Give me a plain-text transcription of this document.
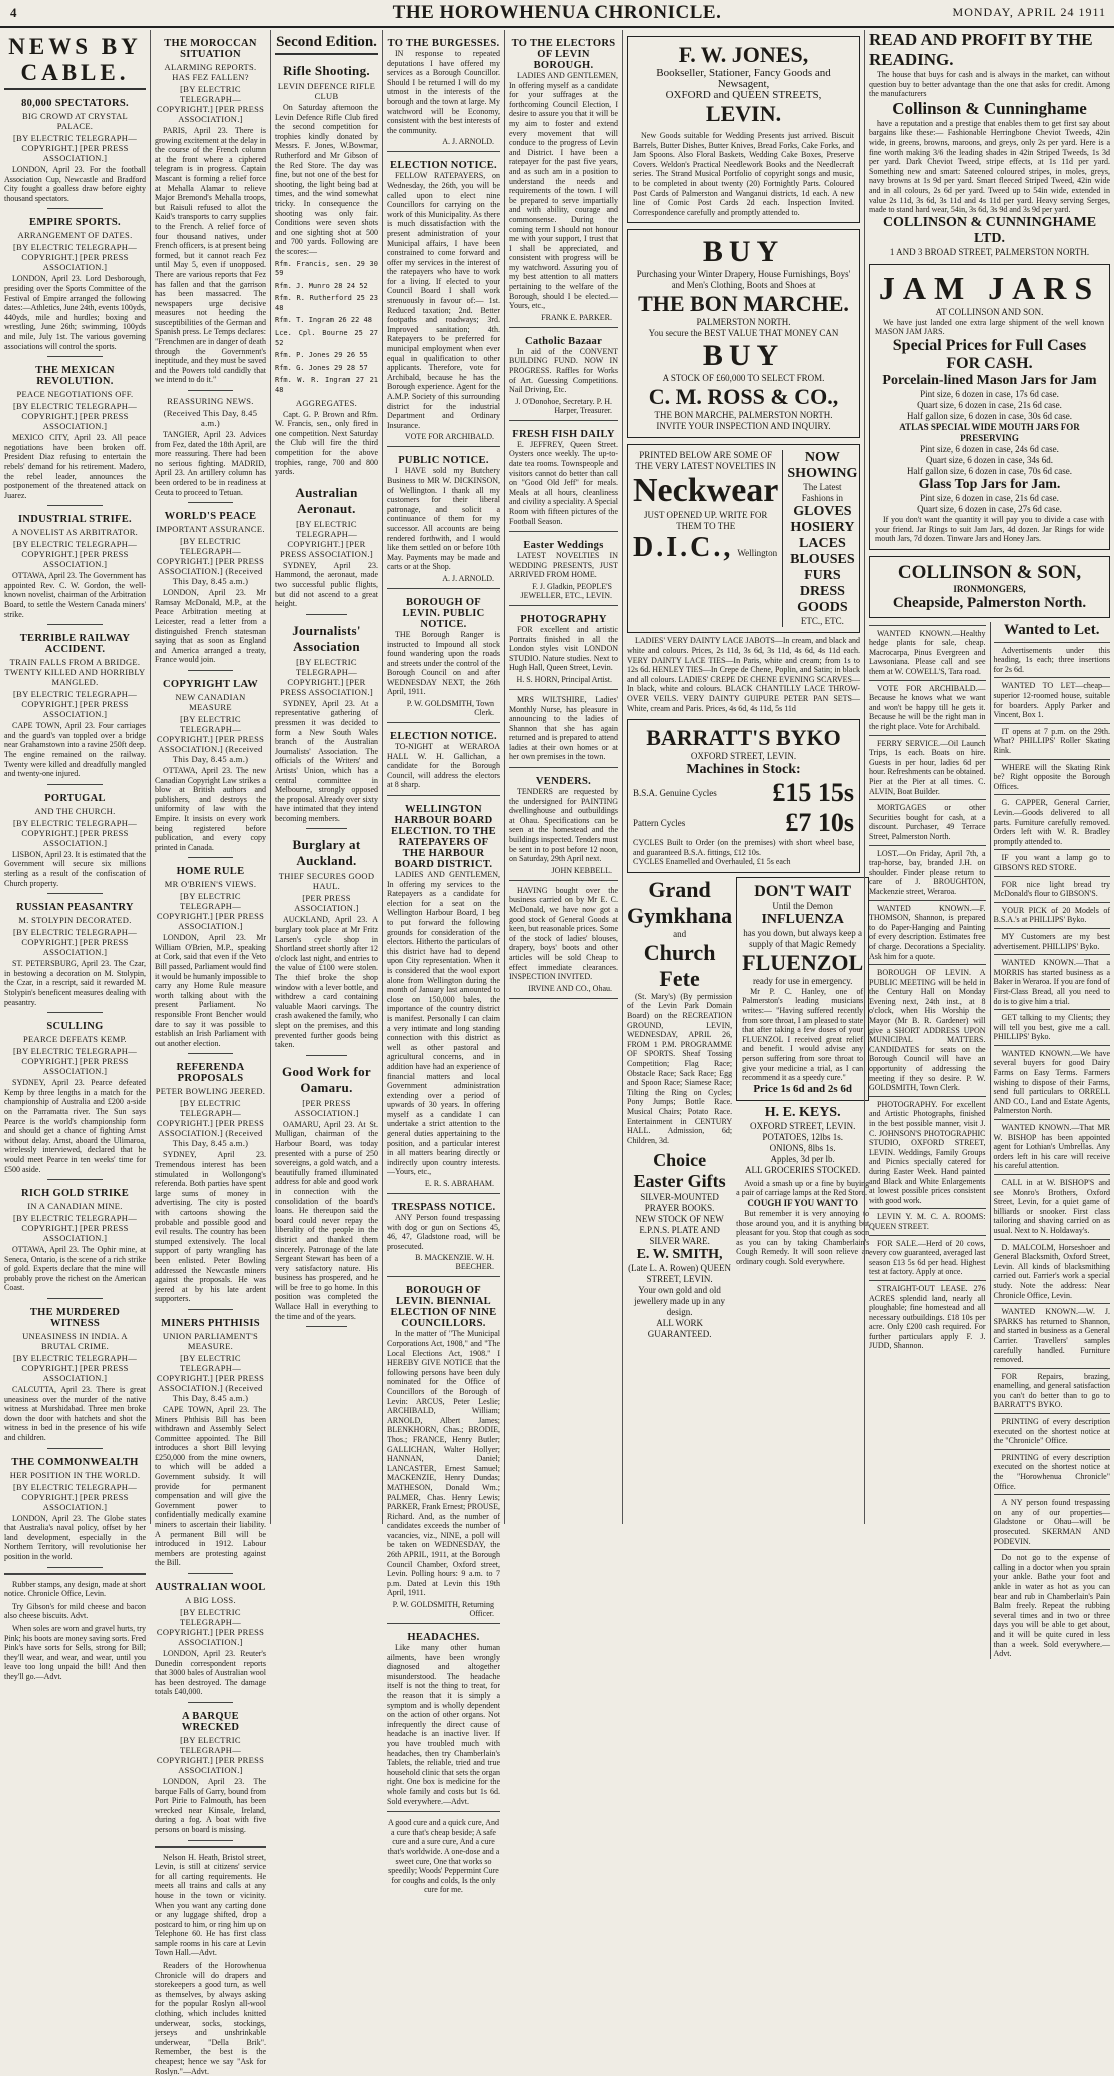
4	THE HOROWHENUA CHRONICLE.	MONDAY, APRIL 24 1911
NEWS BY CABLE.
80,000 SPECTATORS.
BIG CROWD AT CRYSTAL PALACE.
[BY ELECTRIC TELEGRAPH—COPYRIGHT.] [PER PRESS ASSOCIATION.]

LONDON, April 23. For the football Association Cup, Newcastle and Bradford City fought a goalless draw before eighty thousand spectators.

EMPIRE SPORTS.
ARRANGEMENT OF DATES.
[BY ELECTRIC TELEGRAPH—COPYRIGHT.] [PER PRESS ASSOCIATION.]

LONDON, April 23. Lord Desborough, presiding over the Sports Committee of the Festival of Empire arranged the following dates:—Athletics, June 24th, events 100yds, 440yds, mile and hurdles; boxing and wrestling, June 26th; swimming, 100yds and mile, July 1st. The various governing associations will control the sports.

THE MEXICAN REVOLUTION.
PEACE NEGOTIATIONS OFF.
[BY ELECTRIC TELEGRAPH—COPYRIGHT.] [PER PRESS ASSOCIATION.]

MEXICO CITY, April 23. All peace negotiations have been broken off. President Diaz refusing to entertain the rebels' demand for his retirement. Madero, the rebel leader, announces the postponement of the threatened attack on Juarez.

INDUSTRIAL STRIFE.
A NOVELIST AS ARBITRATOR.
[BY ELECTRIC TELEGRAPH—COPYRIGHT.] [PER PRESS ASSOCIATION.]

OTTAWA, April 23. The Government has appointed Rev. C. W. Gordon, the well-known novelist, chairman of the Arbitration Board, to settle the Western Canada miners' strike.

TERRIBLE RAILWAY ACCIDENT.
TRAIN FALLS FROM A BRIDGE. TWENTY KILLED AND HORRIBLY MANGLED.
[BY ELECTRIC TELEGRAPH—COPYRIGHT.] [PER PRESS ASSOCIATION.]

CAPE TOWN, April 23. Four carriages and the guard's van toppled over a bridge near Grahamstown into a ravine 250ft deep. The engine remained on the railway. Twenty were killed and dreadfully mangled and twenty-one injured.

PORTUGAL
AND THE CHURCH.
[BY ELECTRIC TELEGRAPH—COPYRIGHT.] [PER PRESS ASSOCIATION.]

LISBON, April 23. It is estimated that the Government will secure six millions sterling as a result of the confiscation of Church property.

RUSSIAN PEASANTRY
M. STOLYPIN DECORATED.
[BY ELECTRIC TELEGRAPH—COPYRIGHT.] [PER PRESS ASSOCIATION.]

ST. PETERSBURG, April 23. The Czar, in bestowing a decoration on M. Stolypin, the Czar, in a rescript, said it rewarded M. Stolypin's beneficent measures dealing with peasantry.

SCULLING
PEARCE DEFEATS KEMP.
[BY ELECTRIC TELEGRAPH—COPYRIGHT.] [PER PRESS ASSOCIATION.]

SYDNEY, April 23. Pearce defeated Kemp by three lengths in a match for the championship of Australia and £200 a-side on the Parramatta river. The Sun says Pearce is the world's championship form and should get a chance of fighting Arnst without delay. Arnst, aboard the Ulimaroa, wirelessly interviewed, declared that he would meet Pearce in ten weeks' time for £500 aside.

RICH GOLD STRIKE
IN A CANADIAN MINE.
[BY ELECTRIC TELEGRAPH—COPYRIGHT.] [PER PRESS ASSOCIATION.]

OTTAWA, April 23. The Ophir mine, at Seneca, Ontario, is the scene of a rich strike of gold. Experts declare that the mine will probably prove the richest on the American Coast.

THE MURDERED WITNESS
UNEASINESS IN INDIA. A BRUTAL CRIME.
[BY ELECTRIC TELEGRAPH—COPYRIGHT.] [PER PRESS ASSOCIATION.]

CALCUTTA, April 23. There is great uneasiness over the murder of the native witness at Murshidabad. Three men broke down the door with hatchets and shot the witness in bed in the presence of his wife and children.

THE COMMONWEALTH
HER POSITION IN THE WORLD.
[BY ELECTRIC TELEGRAPH—COPYRIGHT.] [PER PRESS ASSOCIATION.]

LONDON, April 23. The Globe states that Australia's naval policy, offset by her land development, especially in the Northern Territory, will revolutionise her position in the world.

Rubber stamps, any design, made at short notice. Chronicle Office, Levin.

Try Gibson's for mild cheese and bacon also cheese biscuits. Advt.

When soles are worn and gravel hurts, try Pink; his boots are money saving sorts. Fred Pink's have sorts for Sells, strong for Bill; they'll wear, and wear, and wear, until you leave too long unpaid the bill! And then they'll go.—Advt.

THE MOROCCAN SITUATION
ALARMING REPORTS. HAS FEZ FALLEN?
[BY ELECTRIC TELEGRAPH—COPYRIGHT.] [PER PRESS ASSOCIATION.]

PARIS, April 23. There is growing excitement at the delay in the course of the French column at the front where a ciphered telegram is in progress. Captain Mascant is forming a relief force at Mehalla Alamar to relieve Major Bremond's Mehalla troops, but Raisuli refused to allot the Kaid's transports to carry supplies to the French. A relief force of four thousand natives, under French officers, is at present being formed, but it cannot reach Fez until May 5, even if unopposed. There are various reports that Fez has fallen and that the garrison has been massacred. The newspapers urge decisive measures not heeding the susceptibilities of the German and Spanish press. Le Temps declares: "Frenchmen are in danger of death through the Government's ineptitude, and they must be saved and the Powers told candidly that we intend to do it."

REASSURING NEWS.
(Received This Day, 8.45 a.m.)

TANGIER, April 23. Advices from Fez, dated the 18th April, are more reassuring. There had been no serious fighting. MADRID, April 23. An artillery column has been ordered to be in readiness at Ceuta to proceed to Tetuan.

WORLD'S PEACE
IMPORTANT ASSURANCE.
[BY ELECTRIC TELEGRAPH—COPYRIGHT.] [PER PRESS ASSOCIATION.] (Received This Day, 8.45 a.m.)

LONDON, April 23. Mr Ramsay McDonald, M.P., at the Peace Arbitration meeting at Leicester, read a letter from a distinguished French statesman saying that as soon as England and America arranged a treaty, France would join.

COPYRIGHT LAW
NEW CANADIAN MEASURE
[BY ELECTRIC TELEGRAPH—COPYRIGHT.] [PER PRESS ASSOCIATION.] (Received This Day, 8.45 a.m.)

OTTAWA, April 23. The new Canadian Copyright Law strikes a blow at British authors and publishers, and destroys the uniformity of law with the Empire. It insists on every work being registered before publication, and every copy printed in Canada.

HOME RULE
MR O'BRIEN'S VIEWS.
[BY ELECTRIC TELEGRAPH—COPYRIGHT.] [PER PRESS ASSOCIATION.]

LONDON, April 23. Mr William O'Brien, M.P., speaking at Cork, said that even if the Veto Bill passed, Parliament would find it would be humanly impossible to carry any Home Rule measure worth talking about with the present Parliament. No responsible Front Bencher would dare to say it was possible to establish an Irish Parliament with out another election.

REFERENDA PROPOSALS
PETER BOWLING JEERED.
[BY ELECTRIC TELEGRAPH—COPYRIGHT.] [PER PRESS ASSOCIATION.] (Received This Day, 8.45 a.m.)

SYDNEY, April 23. Tremendous interest has been stimulated in Wollongong's referenda. Both parties have spent large sums of money in advertising. The city is posted with cartoons showing the probable and possible good and evil results. The country has been stumped extensively. The local support of party wrangling has been enlisted. Peter Bowling addressed the Newcastle miners against the proposals. He was jeered at by his late ardent supporters.

MINERS PHTHISIS
UNION PARLIAMENT'S MEASURE.
[BY ELECTRIC TELEGRAPH—COPYRIGHT.] [PER PRESS ASSOCIATION.] (Received This Day, 8.45 a.m.)

CAPE TOWN, April 23. The Miners Phthisis Bill has been withdrawn and Assembly Select Committee appointed. The Bill introduces a short Bill levying £250,000 from the mine owners, to which will be added a Government subsidy. It will provide for permanent compensation and will give the Government power to confidentially medically examine miners to ascertain their liability. A permanent Bill will be introduced in 1912. Labour members are protesting against the Bill.

AUSTRALIAN WOOL
A BIG LOSS.
[BY ELECTRIC TELEGRAPH—COPYRIGHT.] [PER PRESS ASSOCIATION.]

LONDON, April 23. Reuter's Dunedin correspondent reports that 3000 bales of Australian wool has been destroyed. The damage totals £40,000.

A BARQUE WRECKED
[BY ELECTRIC TELEGRAPH—COPYRIGHT.] [PER PRESS ASSOCIATION.]

LONDON, April 23. The barque Falls of Garry, bound from Port Pirie to Falmouth, has been wrecked near Kinsale, Ireland, during a fog. A boat with five persons on board is missing.

Nelson H. Heath, Bristol street, Levin, is still at citizens' service for all carting requirements. He meets all trains and calls at any house in the town or vicinity. When you want any carting done or any luggage shifted, drop a postcard to him, or ring him up on Telephone 60. He has first class sample rooms in his care at Levin Town Hall.—Advt.

Readers of the Horowhenua Chronicle will do drapers and storekeepers a good turn, as well as themselves, by always asking for the popular Roslyn all-wool clothing, which includes knitted underwear, socks, stockings, jerseys and unshrinkable underwear, "Della Brik". Remember, the best is the cheapest; hence we say "Ask for Roslyn."—Advt.

Second Edition.
Rifle Shooting.
LEVIN DEFENCE RIFLE CLUB

On Saturday afternoon the Levin Defence Rifle Club fired the second competition for trophies kindly donated by Messrs. F. Jones, W.Bowmar, Rutherford and Mr Gibson of the Red Store. The day was fine, but not one of the best for shooting, the light being bad at times, and the wind somewhat tricky. In consequence the shooting was only fair. Conditions were seven shots and one sighting shot at 500 and 700 yards. Following are the scores:—

Rfm. Francis, sen. 29 30 59

Rfm. J. Munro 28 24 52

Rfm. R. Rutherford 25 23 48

Rfm. T. Ingram 26 22 48

Lce. Cpl. Bourne 25 27 52

Rfm. P. Jones 29 26 55

Rfm. G. Jones 29 28 57

Rfm. W. R. Ingram 27 21 48

AGGREGATES.

Capt. G. P. Brown and Rfm. W. Francis, sen., only fired in one competition. Next Saturday the Club will fire the third competition for the above trophies, range, 700 and 800 yards.

Australian Aeronaut.
[BY ELECTRIC TELEGRAPH—COPYRIGHT.] [PER PRESS ASSOCIATION.]

SYDNEY, April 23. Hammond, the aeronaut, made two successful public flights, but did not ascend to a great height.

Journalists' Association
[BY ELECTRIC TELEGRAPH—COPYRIGHT.] [PER PRESS ASSOCIATION.]

SYDNEY, April 23. At a representative gathering of pressmen it was decided to form a New South Wales branch of the Australian Journalists' Association. The officials of the Writers' and Artists' Union, which has a central committee in Melbourne, strongly opposed the proposal. Already over sixty have intimated that they intend becoming members.

Burglary at Auckland.
THIEF SECURES GOOD HAUL.
[PER PRESS ASSOCIATION.]

AUCKLAND, April 23. A burglary took place at Mr Fritz Larsen's cycle shop in Shortland street shortly after 12 o'clock last night, and entries to the value of £100 were stolen. The thief broke the shop window with a lever bottle, and withdrew a card containing valuable Maori carvings. The crash awakened the family, who slept on the premises, and this prevented further goods being taken.

Good Work for Oamaru.
[PER PRESS ASSOCIATION.]

OAMARU, April 23. At St. Mulligan, chairman of the Harbour Board, was today presented with a purse of 250 sovereigns, a gold watch, and a beautifully framed illuminated address for able and good work in connection with the consolidation of the board's loans. He thereupon said the board could never repay the liberality of the people in the district and thanked them sincerely. Patronage of the late Sergeant Stewart has been of a very satisfactory nature. His business has prospered, and he will be free to go home. In this position was completed the Wallace Hall in everything to the time and of the years.

TO THE BURGESSES.

IN response to repeated deputations I have offered my services as a Borough Councillor. Should I be returned I will do my utmost in the interests of the borough and the town at large. My watchword will be Economy, consistent with the best interests of the community.

A. J. ARNOLD.
ELECTION NOTICE.

FELLOW RATEPAYERS, on Wednesday, the 26th, you will be called upon to elect nine Councillors for carrying on the work of this Municipality. As there is much dissatisfaction with the present administration of your Municipal affairs, I have been constrained to come forward and offer my services in the interest of the ratepayers who have to work for a living. If elected to your Council Board I shall work strenuously in favour of:— 1st. Reduced taxation; 2nd. Better footpaths and roadways; 3rd. Improved sanitation; 4th. Ratepayers to be preferred for municipal employment when ever equal in qualification to other applicants. Therefore, vote for Archibald, because he has the Borough experience. Agent for the A.M.P. Society of this surrounding district for the industrial Department and Ordinary Insurance.

VOTE FOR ARCHIBALD.
PUBLIC NOTICE.

I HAVE sold my Butchery Business to MR W. DICKINSON, of Wellington. I thank all my customers for their liberal patronage, and solicit a continuance of them for my successor. All accounts are being rendered forthwith, and I would like them settled on or before 10th May. Payments may be made and carts or at the Shop.

A. J. ARNOLD.
BOROUGH OF LEVIN. PUBLIC NOTICE.

THE Borough Ranger is instructed to Impound all stock found wandering upon the roads and streets under the control of the Borough Council on and after WEDNESDAY NEXT, the 26th April, 1911.

P. W. GOLDSMITH, Town Clerk.
ELECTION NOTICE.

TO-NIGHT at WERAROA HALL W. H. Gallichan, a candidate for the Borough Council, will address the electors at 8 sharp.

WELLINGTON HARBOUR BOARD ELECTION. TO THE RATEPAYERS OF THE HARBOUR BOARD DISTRICT.

LADIES AND GENTLEMEN, In offering my services to the Ratepayers as a candidate for election for a seat on the Wellington Harbour Board, I beg to put forward the following grounds for consideration of the electors. Hitherto the particulars of this district have had to depend upon City representation. When it is considered that the wool export alone from Wellington during the month of January last amounted to close on 150,000 bales, the importance of the country district is manifest. Personally I can claim a very intimate and long standing connection with this district as well as other pastoral and agricultural concerns, and in addition have had an experience of financial matters and local Government administration extending over a period of upwards of 30 years. In offering myself as a candidate I can undertake a strict attention to the general duties appertaining to the position, and a particular interest in all matters bearing directly or indirectly upon country interests.—Yours, etc.,

E. R. S. ABRAHAM.
TRESPASS NOTICE.

ANY Person found trespassing with dog or gun on Sections 45, 46, 47, Gladstone road, will be prosecuted.

B. MACKENZIE. W. H. BEECHER.
BOROUGH OF LEVIN. BIENNIAL ELECTION OF NINE COUNCILLORS.

In the matter of "The Municipal Corporations Act, 1908," and "The Local Elections Act, 1908." I HEREBY GIVE NOTICE that the following persons have been duly nominated for the Office of Councillors of the Borough of Levin: ARCUS, Peter Leslie; ARCHIBALD, William; ARNOLD, Albert James; BLENKHORN, Chas.; BRODIE, Thos.; FRANCE, Henry Butler; GALLICHAN, Walter Hollyer; HANNAN, Daniel; LANCASTER, Ernest Samuel; MACKENZIE, Henry Dundas; MATHESON, Donald Wm.; PALMER, Chas. Henry Lewis; PARKER, Frank Ernest; PROUSE, Richard. And, as the number of candidates exceeds the number of vacancies, viz., NINE, a poll will be taken on WEDNESDAY, the 26th APRIL, 1911, at the Borough Council Chamber, Oxford street, Levin. Polling hours: 9 a.m. to 7 p.m. Dated at Levin this 19th April, 1911.

P. W. GOLDSMITH, Returning Officer.
HEADACHES.

Like many other human ailments, have been wrongly diagnosed and altogether misunderstood. The headache itself is not the thing to treat, for the reason that it is simply a symptom and is wholly dependent on the action of other organs. Not infrequently the direct cause of headache is an inactive liver. If you have troubled much with headaches, then try Chamberlain's Tablets, the reliable, tried and true household clinic that sets the organ right. One box is medicine for the whole family and costs but 1s 6d. Sold everywhere.—Advt.

A good cure and a quick cure, And a cure that's cheap beside; A safe cure and a sure cure, And a cure that's worldwide. A one-dose and a sweet cure, One that works so speedily; Woods' Peppermint Cure for coughs and colds, Is the only cure for me.

TO THE ELECTORS OF LEVIN BOROUGH.

LADIES AND GENTLEMEN, In offering myself as a candidate for your suffrages at the forthcoming Council Election, I desire to assure you that it will be my aim to foster and extend every movement that will conduce to the progress of Levin and District. I have been a ratepayer for the past five years, and as such am in a position to understand the needs and requirements of the town. I will be prepared to serve impartially and with ability, courage and commonsense. During the coming term I should not honour me with your support, I trust that I shall be appreciated, and consistent with progress will be my watchword. Assuring you of my best attention to all matters pertaining to the welfare of the Borough, should I be elected.—Yours, etc.,

FRANK E. PARKER.
Catholic Bazaar

In aid of the CONVENT BUILDING FUND. NOW IN PROGRESS. Raffles for Works of Art. Guessing Competitions. Nail Driving, Etc.

J. O'Donohoe, Secretary. P. H. Harper, Treasurer.
FRESH FISH DAILY

E. JEFFREY, Queen Street. Oysters once weekly. The up-to-date tea rooms. Townspeople and visitors cannot do better than call on "Good Old Jeff" for meals. Meals at all hours, cleanliness and civility a speciality. A Special Room with fifteen pictures of the Football Season.

Easter Weddings

LATEST NOVELTIES IN WEDDING PRESENTS, JUST ARRIVED FROM HOME.

F. J. Gladkin, PEOPLE'S JEWELLER, ETC., LEVIN.
PHOTOGRAPHY

FOR excellent and artistic Portraits finished in all the London styles visit LONDON STUDIO. Nature studies. Next to Hugh Hall, Queen Street, Levin.

H. S. HORN, Principal Artist.

MRS WILTSHIRE, Ladies' Monthly Nurse, has pleasure in announcing to the ladies of Shannon that she has again returned and is prepared to attend ladies at their own homes or at her own premises in the town.

VENDERS.

TENDERS are requested by the undersigned for PAINTING dwellinghouse and outbuildings at Ohau. Specifications can be seen at the homestead and the buildings inspected. Tenders must be sent in to post before 12 noon, on Saturday, 29th April next.

JOHN KEBBELL.

HAVING bought over the business carried on by Mr E. C. McDonald, we have now got a good stock of General Goods at keen, but reasonable prices. Some of the stock of ladies' blouses, drapery, boys' boots and other articles will be sold Cheap to effect immediate clearances. INSPECTION INVITED.

IRVINE AND CO., Ohau.
F. W. JONES,
Bookseller, Stationer, Fancy Goods and Newsagent,
OXFORD and QUEEN STREETS,
LEVIN.

New Goods suitable for Wedding Presents just arrived. Biscuit Barrels, Butter Dishes, Butter Knives, Bread Forks, Cake Forks, and Jam Spoons. Also Floral Baskets, Wedding Cake Boxes, Preserve Covers. Weldon's Practical Needlework Books and the Needlecraft series. The Strand Musical Portfolio of copyright songs and music, to be completed in about twenty (20) Fortnightly Parts. Coloured Post Cards of Palmerston and Wanganui districts, 1d each. A new line of Comic Post Cards 2d each. Inspection Invited. Correspondence carefully and promptly attended to.

BUY
Purchasing your Winter Drapery, House Furnishings, Boys' and Men's Clothing, Boots and Shoes at
THE BON MARCHE.
PALMERSTON NORTH.
You secure the BEST VALUE THAT MONEY CAN
BUY
A STOCK OF £60,000 TO SELECT FROM.
C. M. ROSS & CO.,
THE BON MARCHE, PALMERSTON NORTH.
INVITE YOUR INSPECTION AND INQUIRY.
PRINTED BELOW ARE SOME OF THE VERY LATEST NOVELTIES IN
Neckwear
JUST OPENED UP. WRITE FOR THEM TO THE
D.I.C., Wellington
NOW SHOWING
The Latest Fashions in
GLOVES
HOSIERY
LACES
BLOUSES
FURS
DRESS GOODS
ETC., ETC.

LADIES' VERY DAINTY LACE JABOTS—In cream, and black and white and colours. Prices, 2s 11d, 3s 6d, 3s 11d, 4s 6d, 4s 11d each. VERY DAINTY LACE TIES—In Paris, white and cream; from 1s to 12s 6d. HENLEY TIES—In Crepe de Chene, Poplin, and Satin; in black and all colours. LADIES' CREPE DE CHENE EVENING SCARVES—In black, white and colours. BLACK CHANTILLY LACE THROW-OVER VEILS. VERY DAINTY GUIPURE PETER PAN SETS—White, cream and Paris. Prices, 4s 6d, 4s 11d, 5s 11d

BARRATT'S BYKO
OXFORD STREET, LEVIN.
Machines in Stock:
B.S.A. Genuine Cycles £15 15s
Pattern Cycles	£7 10s

CYCLES Built to Order (on the premises) with short wheel base, and guaranteed B.S.A. fittings, £12 10s.

CYCLES Enamelled and Overhauled, £1 5s each

Grand
Gymkhana
and
Church Fete

(St. Mary's) (By permission of the Levin Park Domain Board) on the RECREATION GROUND, LEVIN, WEDNESDAY, APRIL 26, FROM 1 P.M. PROGRAMME OF SPORTS. Sheaf Tossing Competition; Flag Race; Obstacle Race; Sack Race; Egg and Spoon Race; Siamese Race; Tilting the Ring on Cycles; Pony Jumps; Bottle Race. Musical Chairs; Potato Race. Entertainment in CENTURY HALL. Admission, 6d; Children, 3d.

Choice Easter Gifts
SILVER-MOUNTED PRAYER BOOKS.
NEW STOCK OF NEW E.P.N.S. PLATE AND SILVER WARE.
E. W. SMITH,
(Late L. A. Rowen) QUEEN STREET, LEVIN.
Your own gold and old jewellery made up in any design.
ALL WORK GUARANTEED.
DON'T WAIT
Until the Demon
INFLUENZA
has you down, but always keep a supply of that Magic Remedy
FLUENZOL
ready for use in emergency.

Mr P. C. Hanley, one of Palmerston's leading musicians writes:— "Having suffered recently from sore throat, I am pleased to state that after taking a few doses of your FLUENZOL I received great relief and benefit. I would advise any person suffering from sore throat to give your medicine a trial, as I can recommend it as a speedy cure."

Price 1s 6d and 2s 6d
H. E. KEYS.
OXFORD STREET, LEVIN.
POTATOES, 12lbs 1s.
ONIONS, 8lbs 1s.
Apples, 3d per lb.
ALL GROCERIES STOCKED.

Avoid a smash up or a fine by buying a pair of carriage lamps at the Red Store.

COUGH IF YOU WANT TO

But remember it is very annoying to those around you, and it is anything but pleasant for you. Stop that cough as soon as you can by taking Chamberlain's Cough Remedy. It will soon relieve an ordinary cough. Sold everywhere.

READ AND PROFIT BY THE READING.

The house that buys for cash and is always in the market, can without question buy to better advantage than the one that asks for credit. Among the manufacturers

Collinson & Cunninghame

have a reputation and a prestige that enables them to get first say about bargains like these:— Fashionable Herringbone Cheviot Tweeds, 42in wide, in greens, browns, maroons, and greys, only 2s per yard. Here is a fine worth making 3/6 the leading shades in 42in Striped Tweeds, 1s 3d per yard. Dark Cheviot Tweed, stripe effects, at 1s 11d per yard. Something new and smart: Sateened coloured stripes, in moles, greys, navy browns at 1s 9d per yard. Smart fleeced Striped Tweed, 42in wide and in all colours, 2s 6d per yard. Tweed up to 54in wide, extended in value 2s 11d, 3s 6d, 3s 11d and 4s 11d per yard. Heavy serving Serges, made to stand hard wear, 54in, 3s 6d, 3s 9d and 3s 9d per yard.

COLLINSON & CUNNINGHAME LTD.
1 AND 3 BROAD STREET, PALMERSTON NORTH.
JAM JARS
AT COLLINSON AND SON.

We have just landed one extra large shipment of the well known MASON JAM JARS.

Special Prices for Full Cases FOR CASH.
Porcelain-lined Mason Jars for Jam
Pint size, 6 dozen in case, 17s 6d case.
Quart size, 6 dozen in case, 21s 6d case.
Half gallon size, 6 dozen in case, 30s 6d case.
ATLAS SPECIAL WIDE MOUTH JARS FOR PRESERVING
Pint size, 6 dozen in case, 24s 6d case.
Quart size, 6 dozen in case, 34s 6d.
Half gallon size, 6 dozen in case, 70s 6d case.
Glass Top Jars for Jam.
Pint size, 6 dozen in case, 21s 6d case.
Quart size, 6 dozen in case, 27s 6d case.

If you don't want the quantity it will pay you to divide a case with your friend. Jar Rings to suit Jam Jars, 4d dozen. Jar Rings for wide mouth Jars, 7d dozen. Tinware Jars and Honey Jars.

COLLINSON & SON,
IRONMONGERS,
Cheapside, Palmerston North.

WANTED KNOWN.—Healthy hedge plants for sale, cheap. Macrocarpa, Pinus Evergreen and Lawsoniana. Please call and see them at W. COWELL'S, Tara road.

VOTE FOR ARCHIBALD.—Because he knows what we want and won't be happy till he gets it. Because he will be the right man in the right place. Vote for Archibald.

FERRY SERVICE.—Oil Launch Trips, 1s each. Boats on hire. Guests in per hour, ladies 6d per hour. Refreshments can be obtained. Pier at the Pier at all times. C. ALVIN, Boat Builder.

MORTGAGES or other Securities bought for cash, at a discount. Purchaser, 49 Terrace Street, Palmerston North.

LOST.—On Friday, April 7th, a trap-horse, bay, branded J.H. on shoulder. Finder please return to care of J. BROUGHTON, Mackenzie street, Weraroa.

WANTED KNOWN.—F. THOMSON, Shannon, is prepared to do Paper-Hanging and Painting of every description. Estimates free of charge. Decorations a Speciality. Ask him for a quote.

BOROUGH OF LEVIN. A PUBLIC MEETING will be held in the Century Hall on Monday Evening next, 24th inst., at 8 o'clock, when His Worship the Mayor (Mr B. R. Gardener) will give a SHORT ADDRESS UPON MUNICIPAL MATTERS. CANDIDATES for seats on the Borough Council will have an opportunity of addressing the meeting if they so desire. P. W. GOLDSMITH, Town Clerk.

PHOTOGRAPHY. For excellent and Artistic Photographs, finished in the best possible manner, visit J. C. JOHNSON'S PHOTOGRAPHIC STUDIO, OXFORD STREET, LEVIN. Weddings, Family Groups and Picnics specially catered for during Easter Week. Hand painted and Black and White Enlargements at lowest possible prices consistent with good work.

LEVIN Y. M. C. A. ROOMS: QUEEN STREET.

FOR SALE.—Herd of 20 cows, every cow guaranteed, averaged last season £13 5s 6d per head. Highest test at factory. Apply at once.

STRAIGHT-OUT LEASE. 276 ACRES splendid land, nearly all ploughable; fine homestead and all necessary outbuildings. £18 10s per acre. Only £200 cash required. For further particulars apply F. J. JUDD, Shannon.

Wanted to Let.

Advertisements under this heading, 1s each; three insertions for 2s 6d.

WANTED TO LET—cheap—superior 12-roomed house, suitable for boarders. Apply Parker and Vincent, Box 1.

IT opens at 7 p.m. on the 29th. What? PHILLIPS' Roller Skating Rink.

WHERE will the Skating Rink be? Right opposite the Borough Offices.

G. CAPPER, General Carrier, Levin.—Goods delivered to all parts. Furniture carefully removed. Orders left with W. R. Bradley promptly attended to.

IF you want a lamp go to GIBSON'S RED STORE.

FOR nice light bread try McDonald's flour to GIBSON'S.

YOUR PICK of 20 Models of B.S.A.'s at PHILLIPS' Byko.

MY Customers are my best advertisement. PHILLIPS' Byko.

WANTED KNOWN.—That a MORRIS has started business as a Baker in Weraroa. If you are fond of First-Class Bread, all you need to do is to give him a trial.

GET talking to my Clients; they will tell you best, give me a call. PHILLIPS' Byko.

WANTED KNOWN.—We have several buyers for good Dairy Farms on Easy Terms. Farmers wishing to dispose of their Farms, send full particulars to ORRELL AND CO., Land and Estate Agents, Palmerston North.

WANTED KNOWN.—That MR W. BISHOP has been appointed agent for Lothian's Umbrellas. Any orders left in his care will receive his careful attention.

CALL in at W. BISHOP'S and see Monro's Brothers, Oxford Street, Levin, for a quiet game of billiards or snooker. First class tailoring and shaving carried on as usual. Next to N. Holdaway's.

D. MALCOLM, Horseshoer and General Blacksmith, Oxford Street, Levin. All kinds of blacksmithing carried out. Farrier's work a special study. Note the address: Near Chronicle Office, Levin.

WANTED KNOWN.—W. J. SPARKS has returned to Shannon, and started in business as a General Carrier. Travellers' samples carefully handled. Furniture removed.

FOR Repairs, brazing, enamelling, and general satisfaction you can't do better than to go to BARRATT'S BYKO.

PRINTING of every description executed on the shortest notice at the "Chronicle" Office.

PRINTING of every description executed on the shortest notice at the "Horowhenua Chronicle" Office.

A NY person found trespassing on any of our properties—Gladstone or Ohau—will be prosecuted. SKERMAN AND PODEVIN.

Do not go to the expense of calling in a doctor when you sprain your ankle. Bathe your foot and ankle in water as hot as you can bear and rub in Chamberlain's Pain Balm freely. Repeat the rubbing several times and in two or three days you will be able to get about, and it will be quite cured in less than a week. Sold everywhere.—Advt.
